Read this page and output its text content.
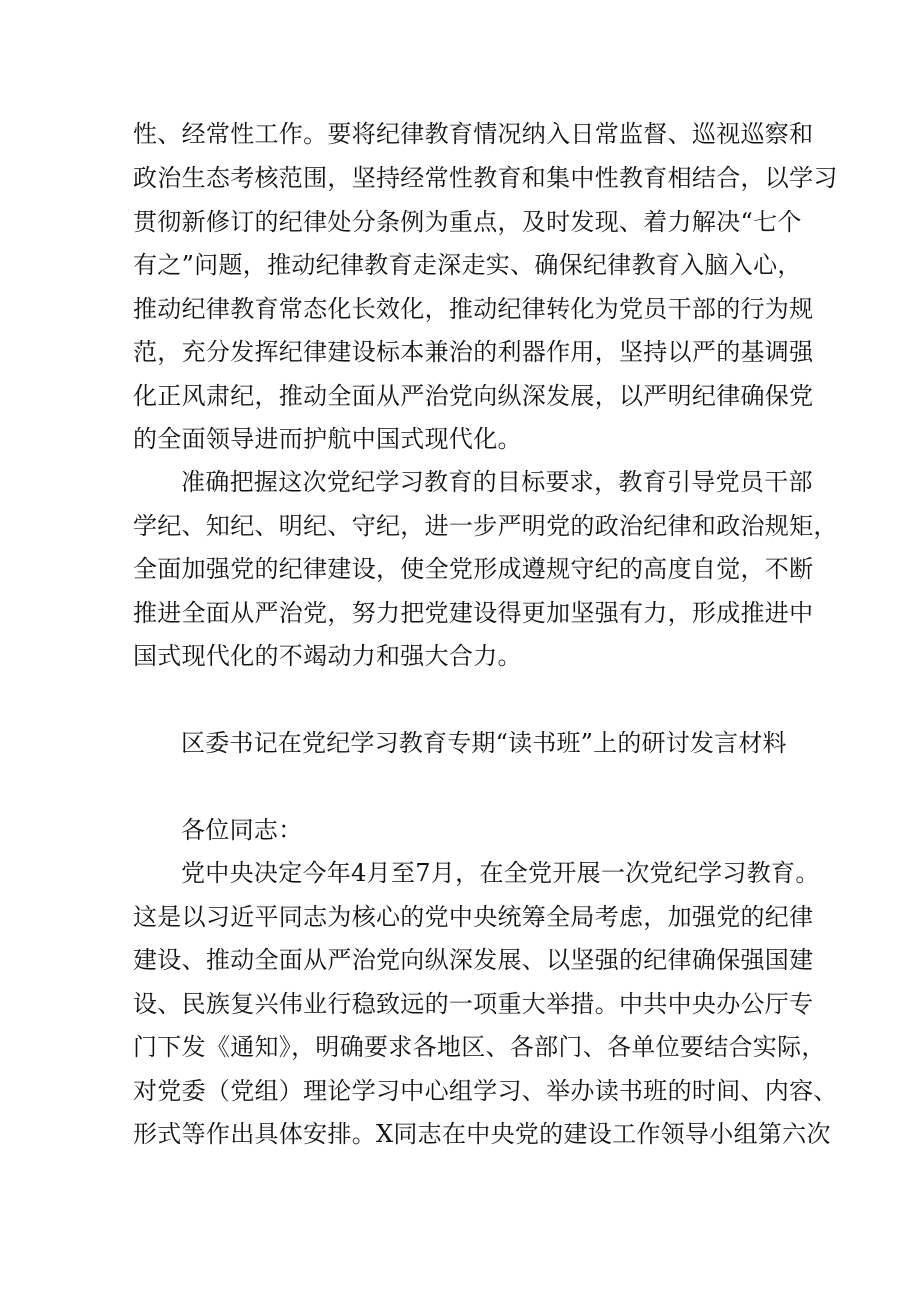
性、经常性工作。要将纪律教育情况纳入日常监督、巡视巡察和
政治生态考核范围，坚持经常性教育和集中性教育相结合，以学习
贯彻新修订的纪律处分条例为重点，及时发现、着力解决“七个
有之”问题，推动纪律教育走深走实、确保纪律教育入脑入心，
推动纪律教育常态化长效化，推动纪律转化为党员干部的行为规
范，充分发挥纪律建设标本兼治的利器作用，坚持以严的基调强
化正风肃纪，推动全面从严治党向纵深发展，以严明纪律确保党
的全面领导进而护航中国式现代化。
准确把握这次党纪学习教育的目标要求，教育引导党员干部
学纪、知纪、明纪、守纪，进一步严明党的政治纪律和政治规矩，
全面加强党的纪律建设，使全党形成遵规守纪的高度自觉，不断
推进全面从严治党，努力把党建设得更加坚强有力，形成推进中
国式现代化的不竭动力和强大合力。
区委书记在党纪学习教育专期“读书班”上的研讨发言材料
各位同志：
党中央决定今年4月至7月，在全党开展一次党纪学习教育。
这是以习近平同志为核心的党中央统筹全局考虑，加强党的纪律
建设、推动全面从严治党向纵深发展、以坚强的纪律确保强国建
设、民族复兴伟业行稳致远的一项重大举措。中共中央办公厅专
门下发《通知》，明确要求各地区、各部门、各单位要结合实际，
对党委（党组）理论学习中心组学习、举办读书班的时间、内容、
形式等作出具体安排。X同志在中央党的建设工作领导小组第六次
